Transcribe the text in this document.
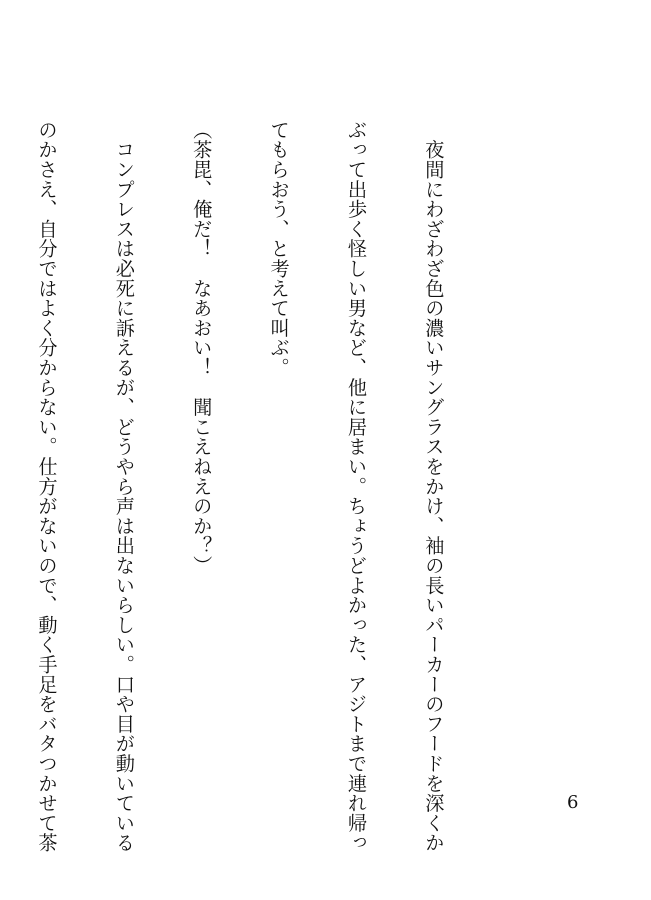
　夜間にわざわざ色の濃いサングラスをかけ、袖の長いパーカーのフードを深くか

ぶって出歩く怪しい男など、他に居まい。ちょうどよかった、アジトまで連れ帰っ

てもらおう、と考えて叫ぶ。

（茶毘、俺だ！　なあおい！　聞こえねえのか？）

　コンプレスは必死に訴えるが、どうやら声は出ないらしい。口や目が動いている

のかさえ、自分ではよく分からない。仕方がないので、動く手足をバタつかせて茶

	6
